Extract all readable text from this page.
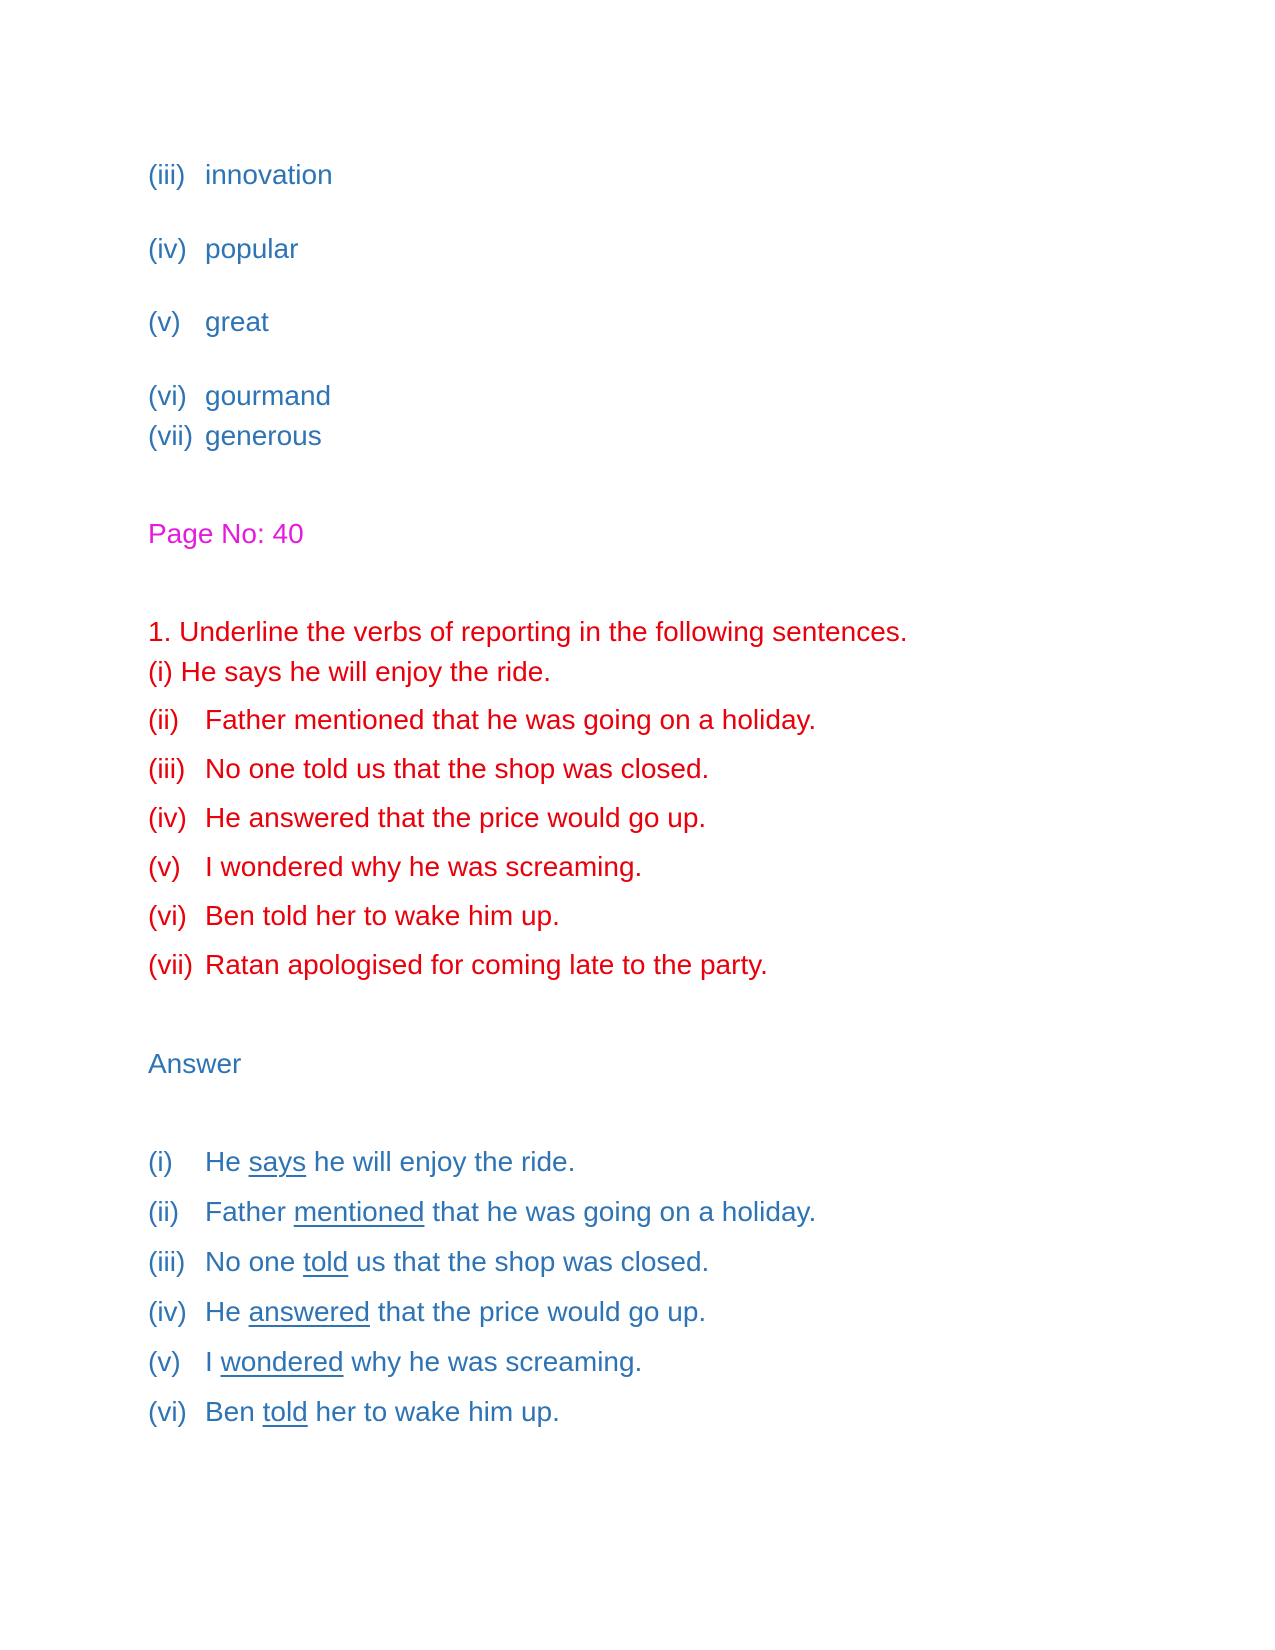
(iii) innovation
(iv) popular
(v) great
(vi) gourmand
(vii) generous
Page No: 40
1. Underline the verbs of reporting in the following sentences.
(i) He says he will enjoy the ride.
(ii) Father mentioned that he was going on a holiday.
(iii) No one told us that the shop was closed.
(iv) He answered that the price would go up.
(v) I wondered why he was screaming.
(vi) Ben told her to wake him up.
(vii) Ratan apologised for coming late to the party.
Answer
(i) He says he will enjoy the ride.
(ii) Father mentioned that he was going on a holiday.
(iii) No one told us that the shop was closed.
(iv) He answered that the price would go up.
(v) I wondered why he was screaming.
(vi) Ben told her to wake him up.
